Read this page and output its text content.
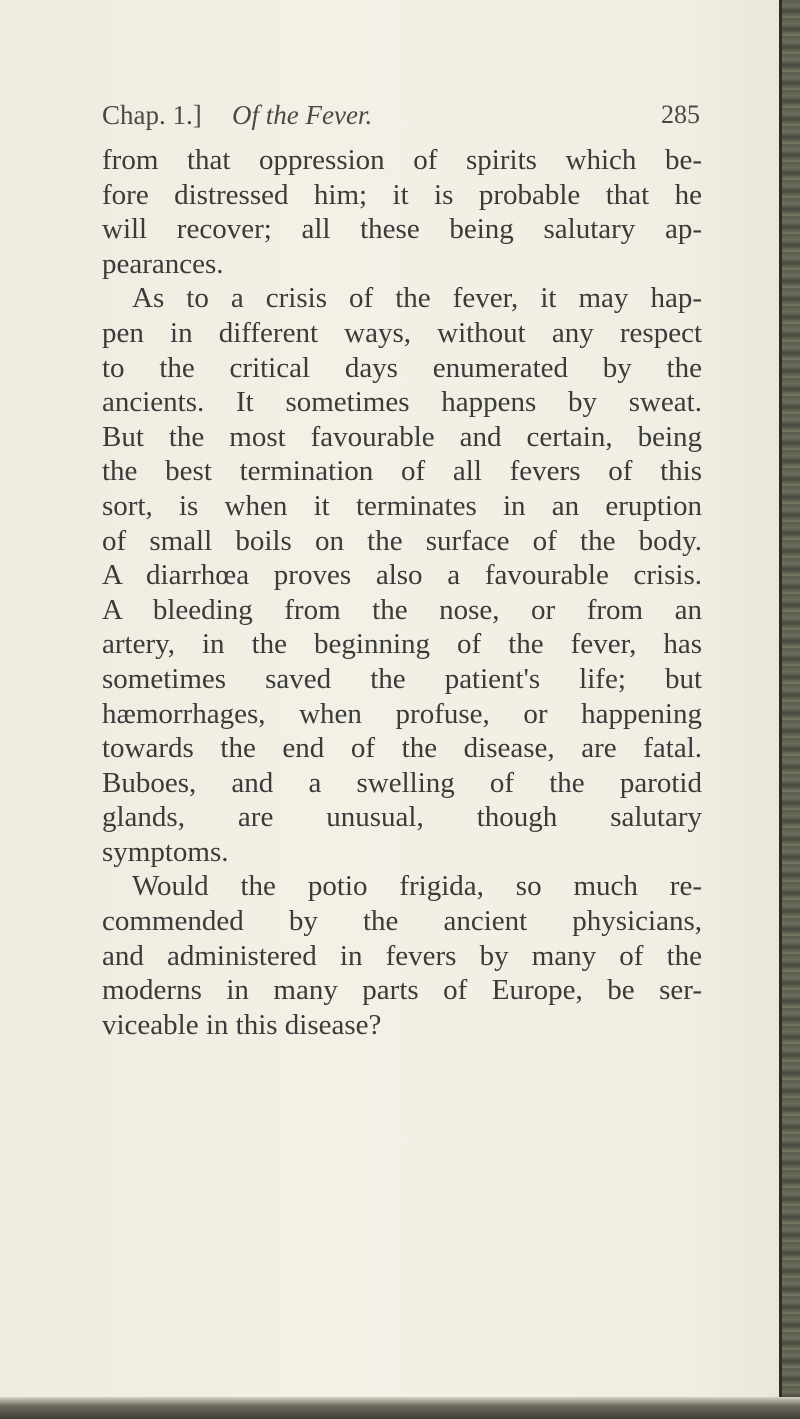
Chap. 1.] Of the Fever.	285
from that oppression of spirits which be-
fore distressed him; it is probable that he
will recover; all these being salutary ap-
pearances.
As to a crisis of the fever, it may hap-
pen in different ways, without any respect
to the critical days enumerated by the
ancients. It sometimes happens by sweat.
But the most favourable and certain, being
the best termination of all fevers of this
sort, is when it terminates in an eruption
of small boils on the surface of the body.
A diarrhœa proves also a favourable crisis.
A bleeding from the nose, or from an
artery, in the beginning of the fever, has
sometimes saved the patient's life; but
hæmorrhages, when profuse, or happening
towards the end of the disease, are fatal.
Buboes, and a swelling of the parotid
glands, are unusual, though salutary
symptoms.
Would the potio frigida, so much re-
commended by the ancient physicians,
and administered in fevers by many of the
moderns in many parts of Europe, be ser-
viceable in this disease?
